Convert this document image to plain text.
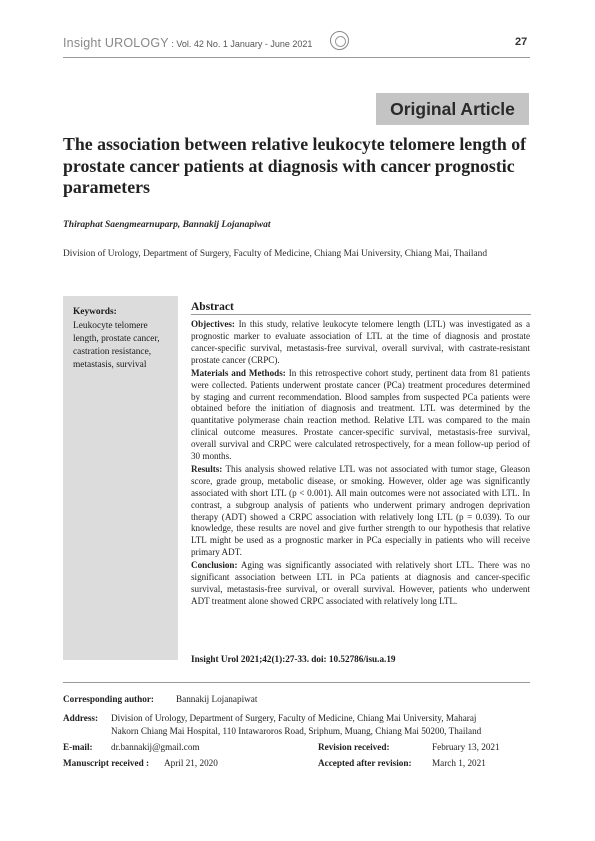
Insight UROLOGY : Vol. 42 No. 1 January - June 2021	27
Original Article
The association between relative leukocyte telomere length of prostate cancer patients at diagnosis with cancer prognostic parameters
Thiraphat Saengmearnuparp, Bannakij Lojanapiwat
Division of Urology, Department of Surgery, Faculty of Medicine, Chiang Mai University, Chiang Mai, Thailand
Keywords:
Leukocyte telomere length, prostate cancer, castration resistance, metastasis, survival
Abstract

Objectives: In this study, relative leukocyte telomere length (LTL) was investigated as a prognostic marker to evaluate association of LTL at the time of diagnosis and prostate cancer-specific survival, metastasis-free survival, overall survival, with castrate-resistant prostate cancer (CRPC).

Materials and Methods: In this retrospective cohort study, pertinent data from 81 patients were collected. Patients underwent prostate cancer (PCa) treatment procedures determined by staging and current recommendation. Blood samples from suspected PCa patients were obtained before the initiation of diagnosis and treatment. LTL was determined by the quantitative polymerase chain reaction method. Relative LTL was compared to the main clinical outcome measures. Prostate cancer-specific survival, metastasis-free survival, overall survival and CRPC were calculated retrospectively, for a mean follow-up period of 30 months.

Results: This analysis showed relative LTL was not associated with tumor stage, Gleason score, grade group, metabolic disease, or smoking. However, older age was significantly associated with short LTL (p < 0.001). All main outcomes were not associated with LTL. In contrast, a subgroup analysis of patients who underwent primary androgen deprivation therapy (ADT) showed a CRPC association with relatively long LTL (p = 0.039). To our knowledge, these results are novel and give further strength to our hypothesis that relative LTL might be used as a prognostic marker in PCa especially in patients who will receive primary ADT.

Conclusion: Aging was significantly associated with relatively short LTL. There was no significant association between LTL in PCa patients at diagnosis and cancer-specific survival, metastasis-free survival, or overall survival. However, patients who underwent ADT treatment alone showed CRPC associated with relatively long LTL.

Insight Urol 2021;42(1):27-33. doi: 10.52786/isu.a.19
Corresponding author: Bannakij Lojanapiwat
Address: Division of Urology, Department of Surgery, Faculty of Medicine, Chiang Mai University, Maharaj
Nakorn Chiang Mai Hospital, 110 Intawaroros Road, Sriphum, Muang, Chiang Mai 50200, Thailand
E-mail: dr.bannakij@gmail.com	Revision received:	February 13, 2021
Manuscript received : April 21, 2020	Accepted after revision: March 1, 2021
